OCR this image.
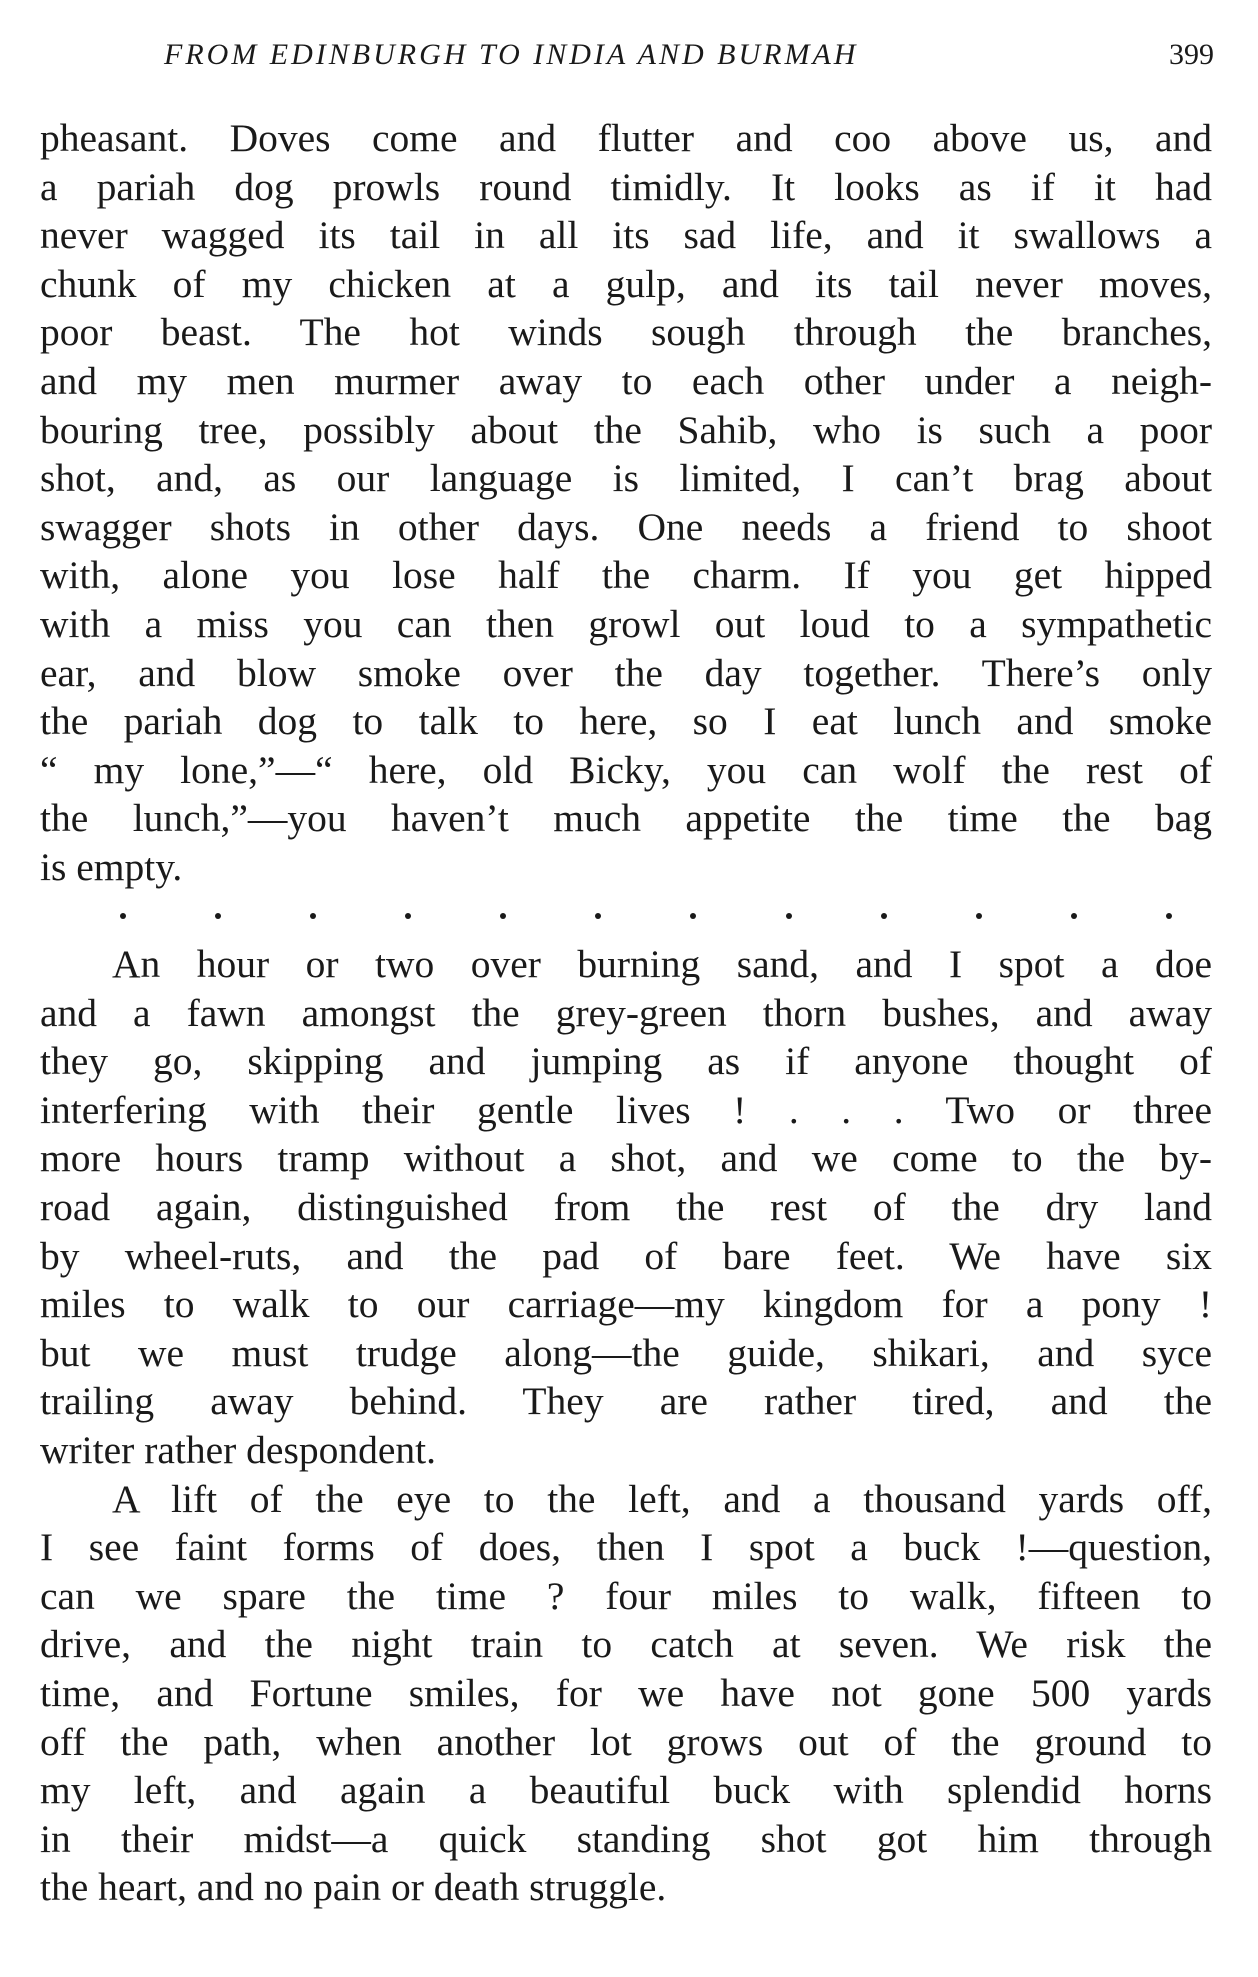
FROM EDINBURGH TO INDIA AND BURMAH	399
pheasant. Doves come and flutter and coo above us, and
a pariah dog prowls round timidly. It looks as if it had
never wagged its tail in all its sad life, and it swallows a
chunk of my chicken at a gulp, and its tail never moves,
poor beast. The hot winds sough through the branches,
and my men murmer away to each other under a neigh-
bouring tree, possibly about the Sahib, who is such a poor
shot, and, as our language is limited, I can’t brag about
swagger shots in other days. One needs a friend to shoot
with, alone you lose half the charm. If you get hipped
with a miss you can then growl out loud to a sympathetic
ear, and blow smoke over the day together. There’s only
the pariah dog to talk to here, so I eat lunch and smoke
“ my lone,”—“ here, old Bicky, you can wolf the rest of
the lunch,”—you haven’t much appetite the time the bag
is empty.
An hour or two over burning sand, and I spot a doe
and a fawn amongst the grey-green thorn bushes, and away
they go, skipping and jumping as if anyone thought of
interfering with their gentle lives ! . . . Two or three
more hours tramp without a shot, and we come to the by-
road again, distinguished from the rest of the dry land
by wheel-ruts, and the pad of bare feet. We have six
miles to walk to our carriage—my kingdom for a pony !
but we must trudge along—the guide, shikari, and syce
trailing away behind. They are rather tired, and the
writer rather despondent.
A lift of the eye to the left, and a thousand yards off,
I see faint forms of does, then I spot a buck !—question,
can we spare the time ? four miles to walk, fifteen to
drive, and the night train to catch at seven. We risk the
time, and Fortune smiles, for we have not gone 500 yards
off the path, when another lot grows out of the ground to
my left, and again a beautiful buck with splendid horns
in their midst—a quick standing shot got him through
the heart, and no pain or death struggle.
